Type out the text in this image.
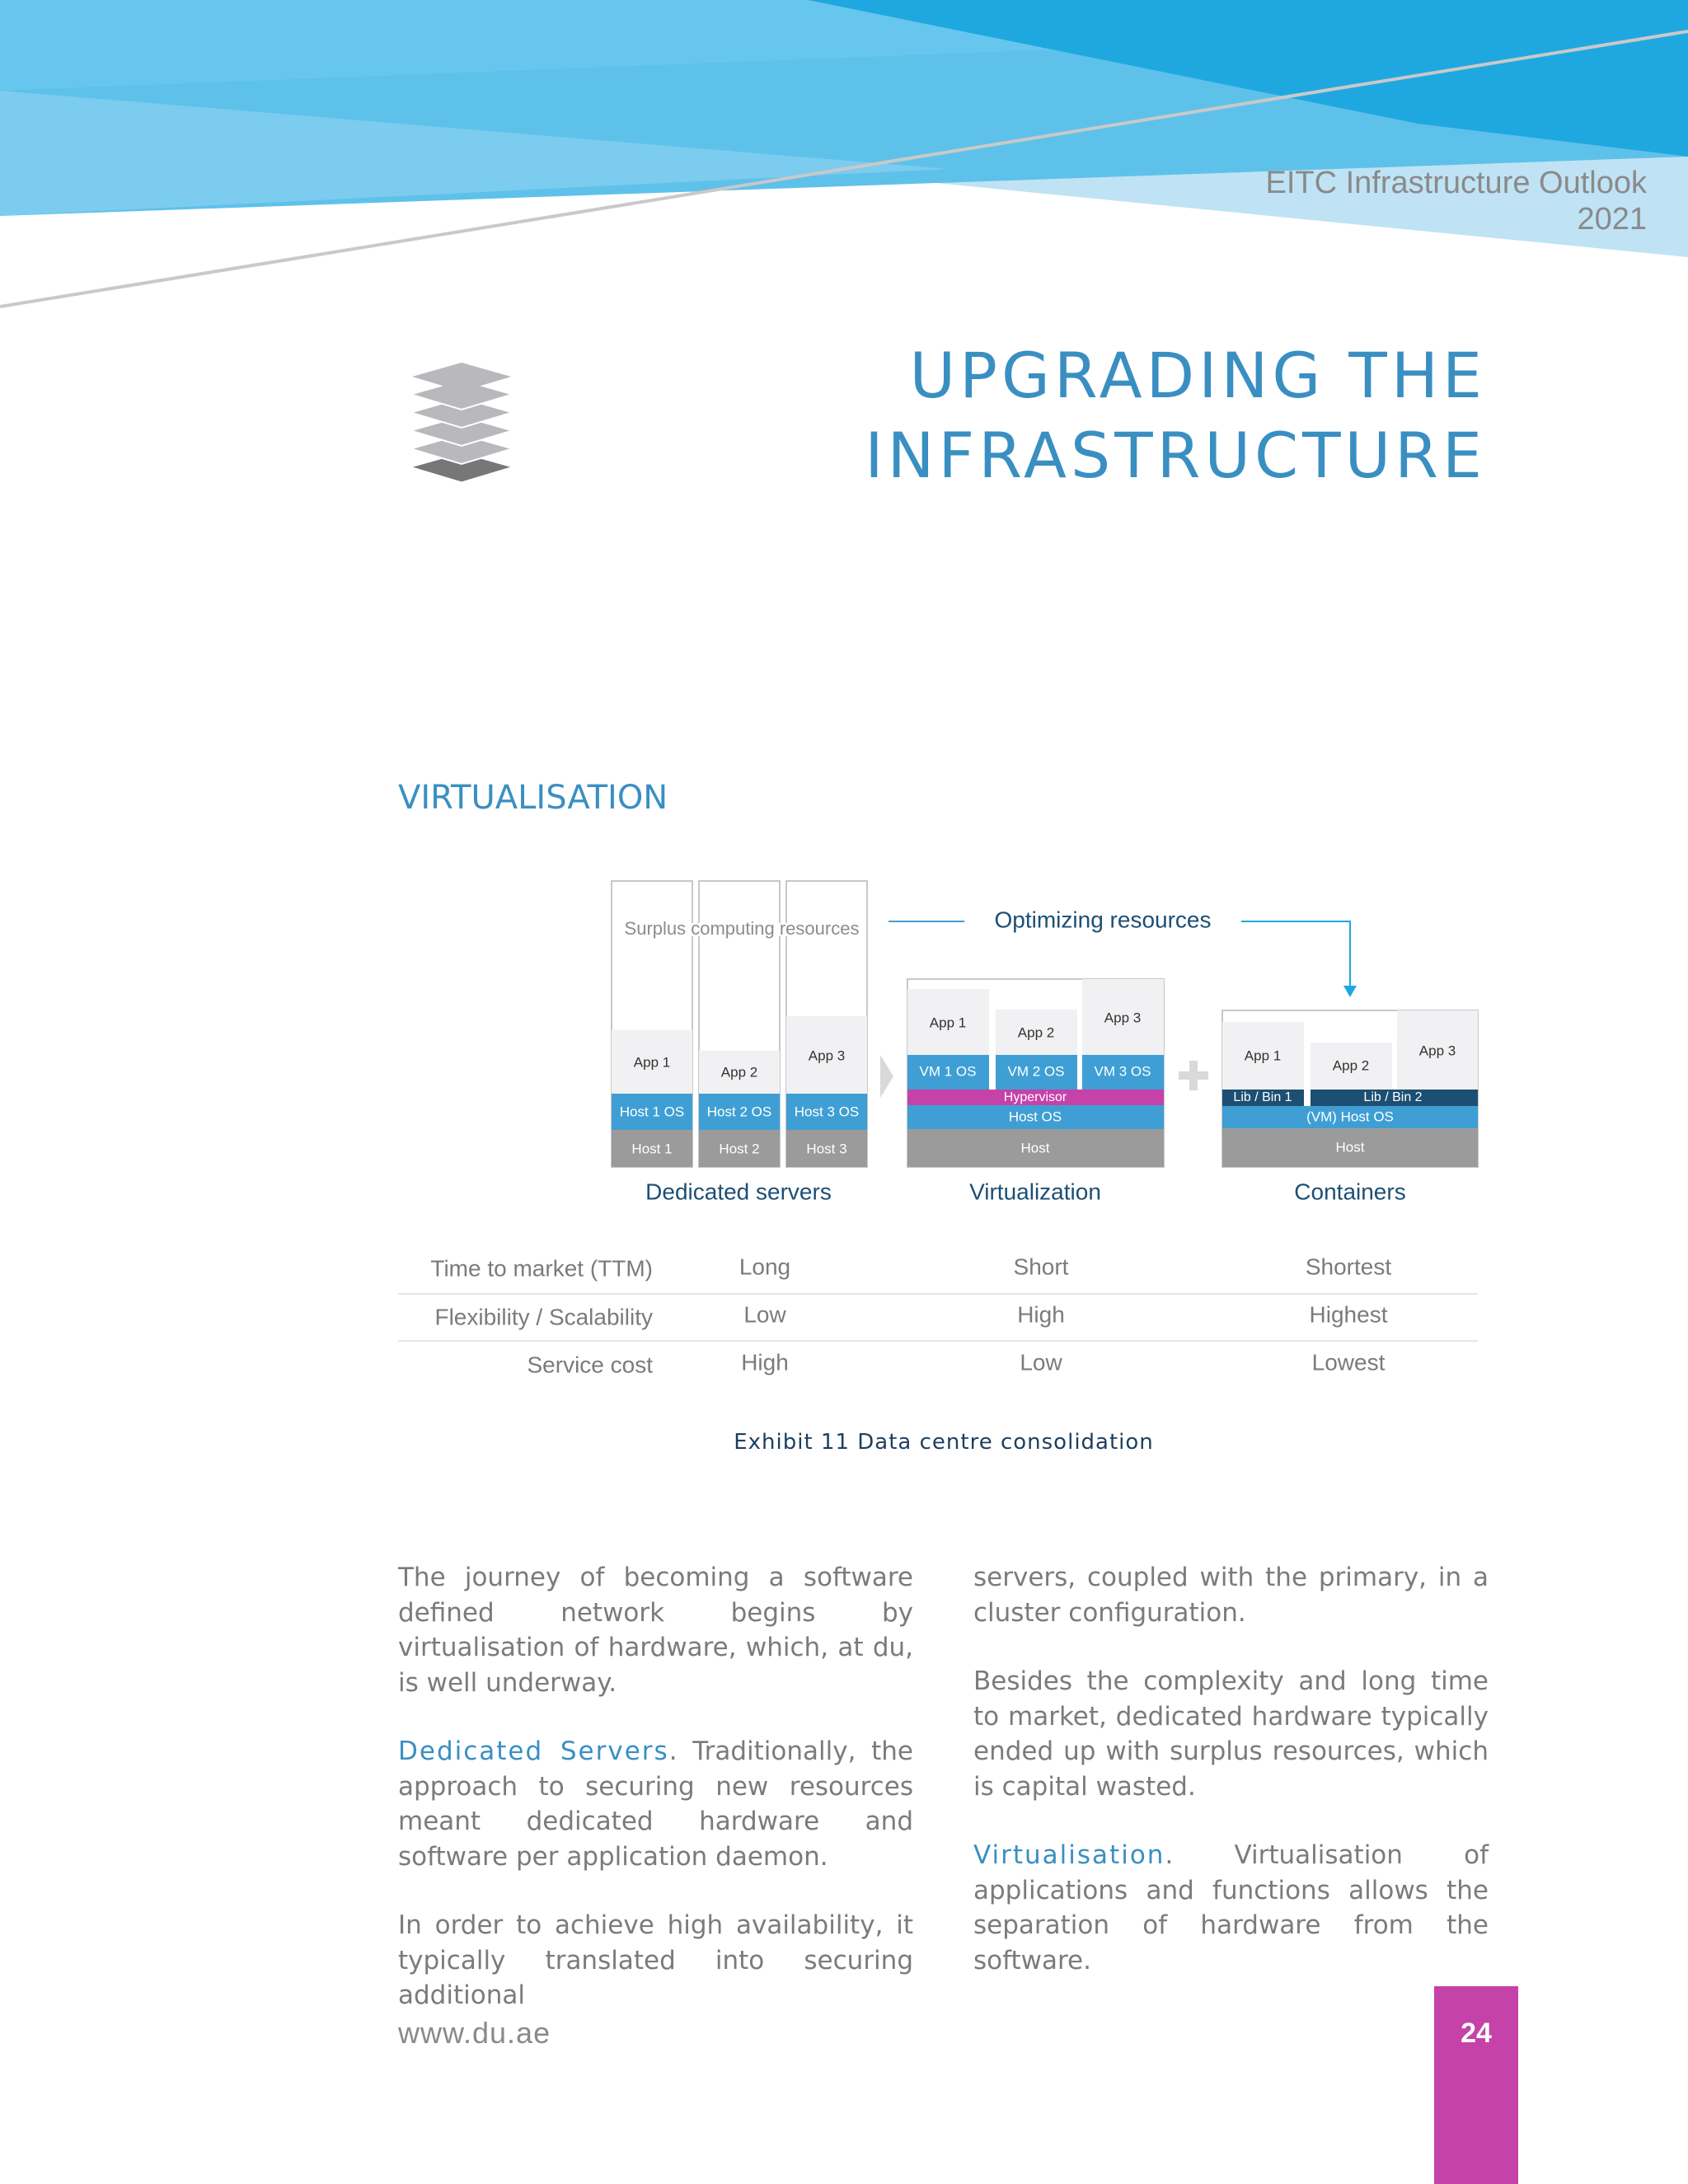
EITC Infrastructure Outlook
2021
UPGRADING THE
INFRASTRUCTURE
VIRTUALISATION
Surplus computing resources
App 1
Host 1 OS
Host 1
App 2
Host 2 OS
Host 2
App 3
Host 3 OS
Host 3
Dedicated servers
Optimizing resources
App 1
App 2
App 3
VM 1 OS VM 2 OS VM 3 OS
Hypervisor
Host OS
Host
Virtualization
App 1
App 2
App 3
Lib / Bin 1	Lib / Bin 2
(VM) Host OS
Host
Containers
Time to market (TTM)	Long	Short	Shortest
Flexibility / Scalability	Low	High	Highest
Service cost	High	Low	Lowest
Exhibit 11 Data centre consolidation

The journey of becoming a software defined network begins by virtualisation of hardware, which, at du, is well underway.

Dedicated Servers. Traditionally, the approach to securing new resources meant dedicated hardware and software per application daemon.

In order to achieve high availability, it typically translated into securing additional

servers, coupled with the primary, in a cluster configuration.

Besides the complexity and long time to market, dedicated hardware typically ended up with surplus resources, which is capital wasted.

Virtualisation. Virtualisation of applications and functions allows the separation of hardware from the software.

www.du.ae	24
